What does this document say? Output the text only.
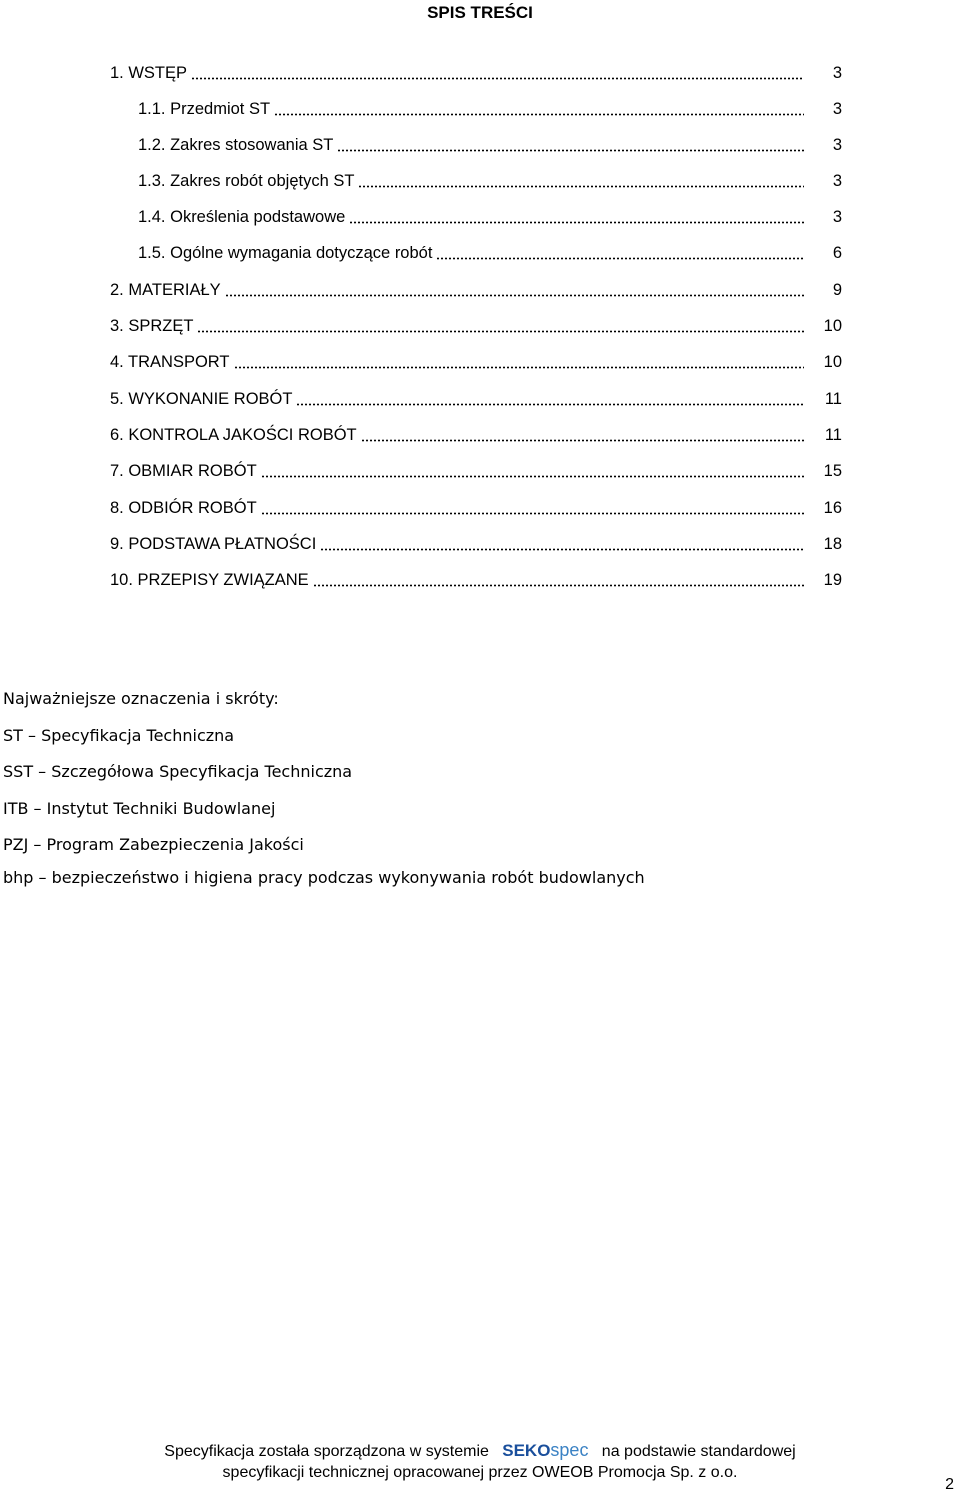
SPIS TREŚCI
1. WSTĘP	3
1.1. Przedmiot ST	3
1.2. Zakres stosowania ST	3
1.3. Zakres robót objętych ST	3
1.4. Określenia podstawowe	3
1.5. Ogólne wymagania dotyczące robót	6
2. MATERIAŁY	9
3. SPRZĘT	10
4. TRANSPORT	10
5. WYKONANIE ROBÓT	11
6. KONTROLA JAKOŚCI ROBÓT	11
7. OBMIAR ROBÓT	15
8. ODBIÓR ROBÓT	16
9. PODSTAWA PŁATNOŚCI	18
10. PRZEPISY ZWIĄZANE	19
Najważniejsze oznaczenia i skróty:
ST – Specyfikacja Techniczna
SST – Szczegółowa Specyfikacja Techniczna
ITB – Instytut Techniki Budowlanej
PZJ – Program Zabezpieczenia Jakości
bhp – bezpieczeństwo i higiena pracy podczas wykonywania robót budowlanych
Specyfikacja została sporządzona w systemie SEKOspec na podstawie standardowej
specyfikacji technicznej opracowanej przez OWEOB Promocja Sp. z o.o.
2
